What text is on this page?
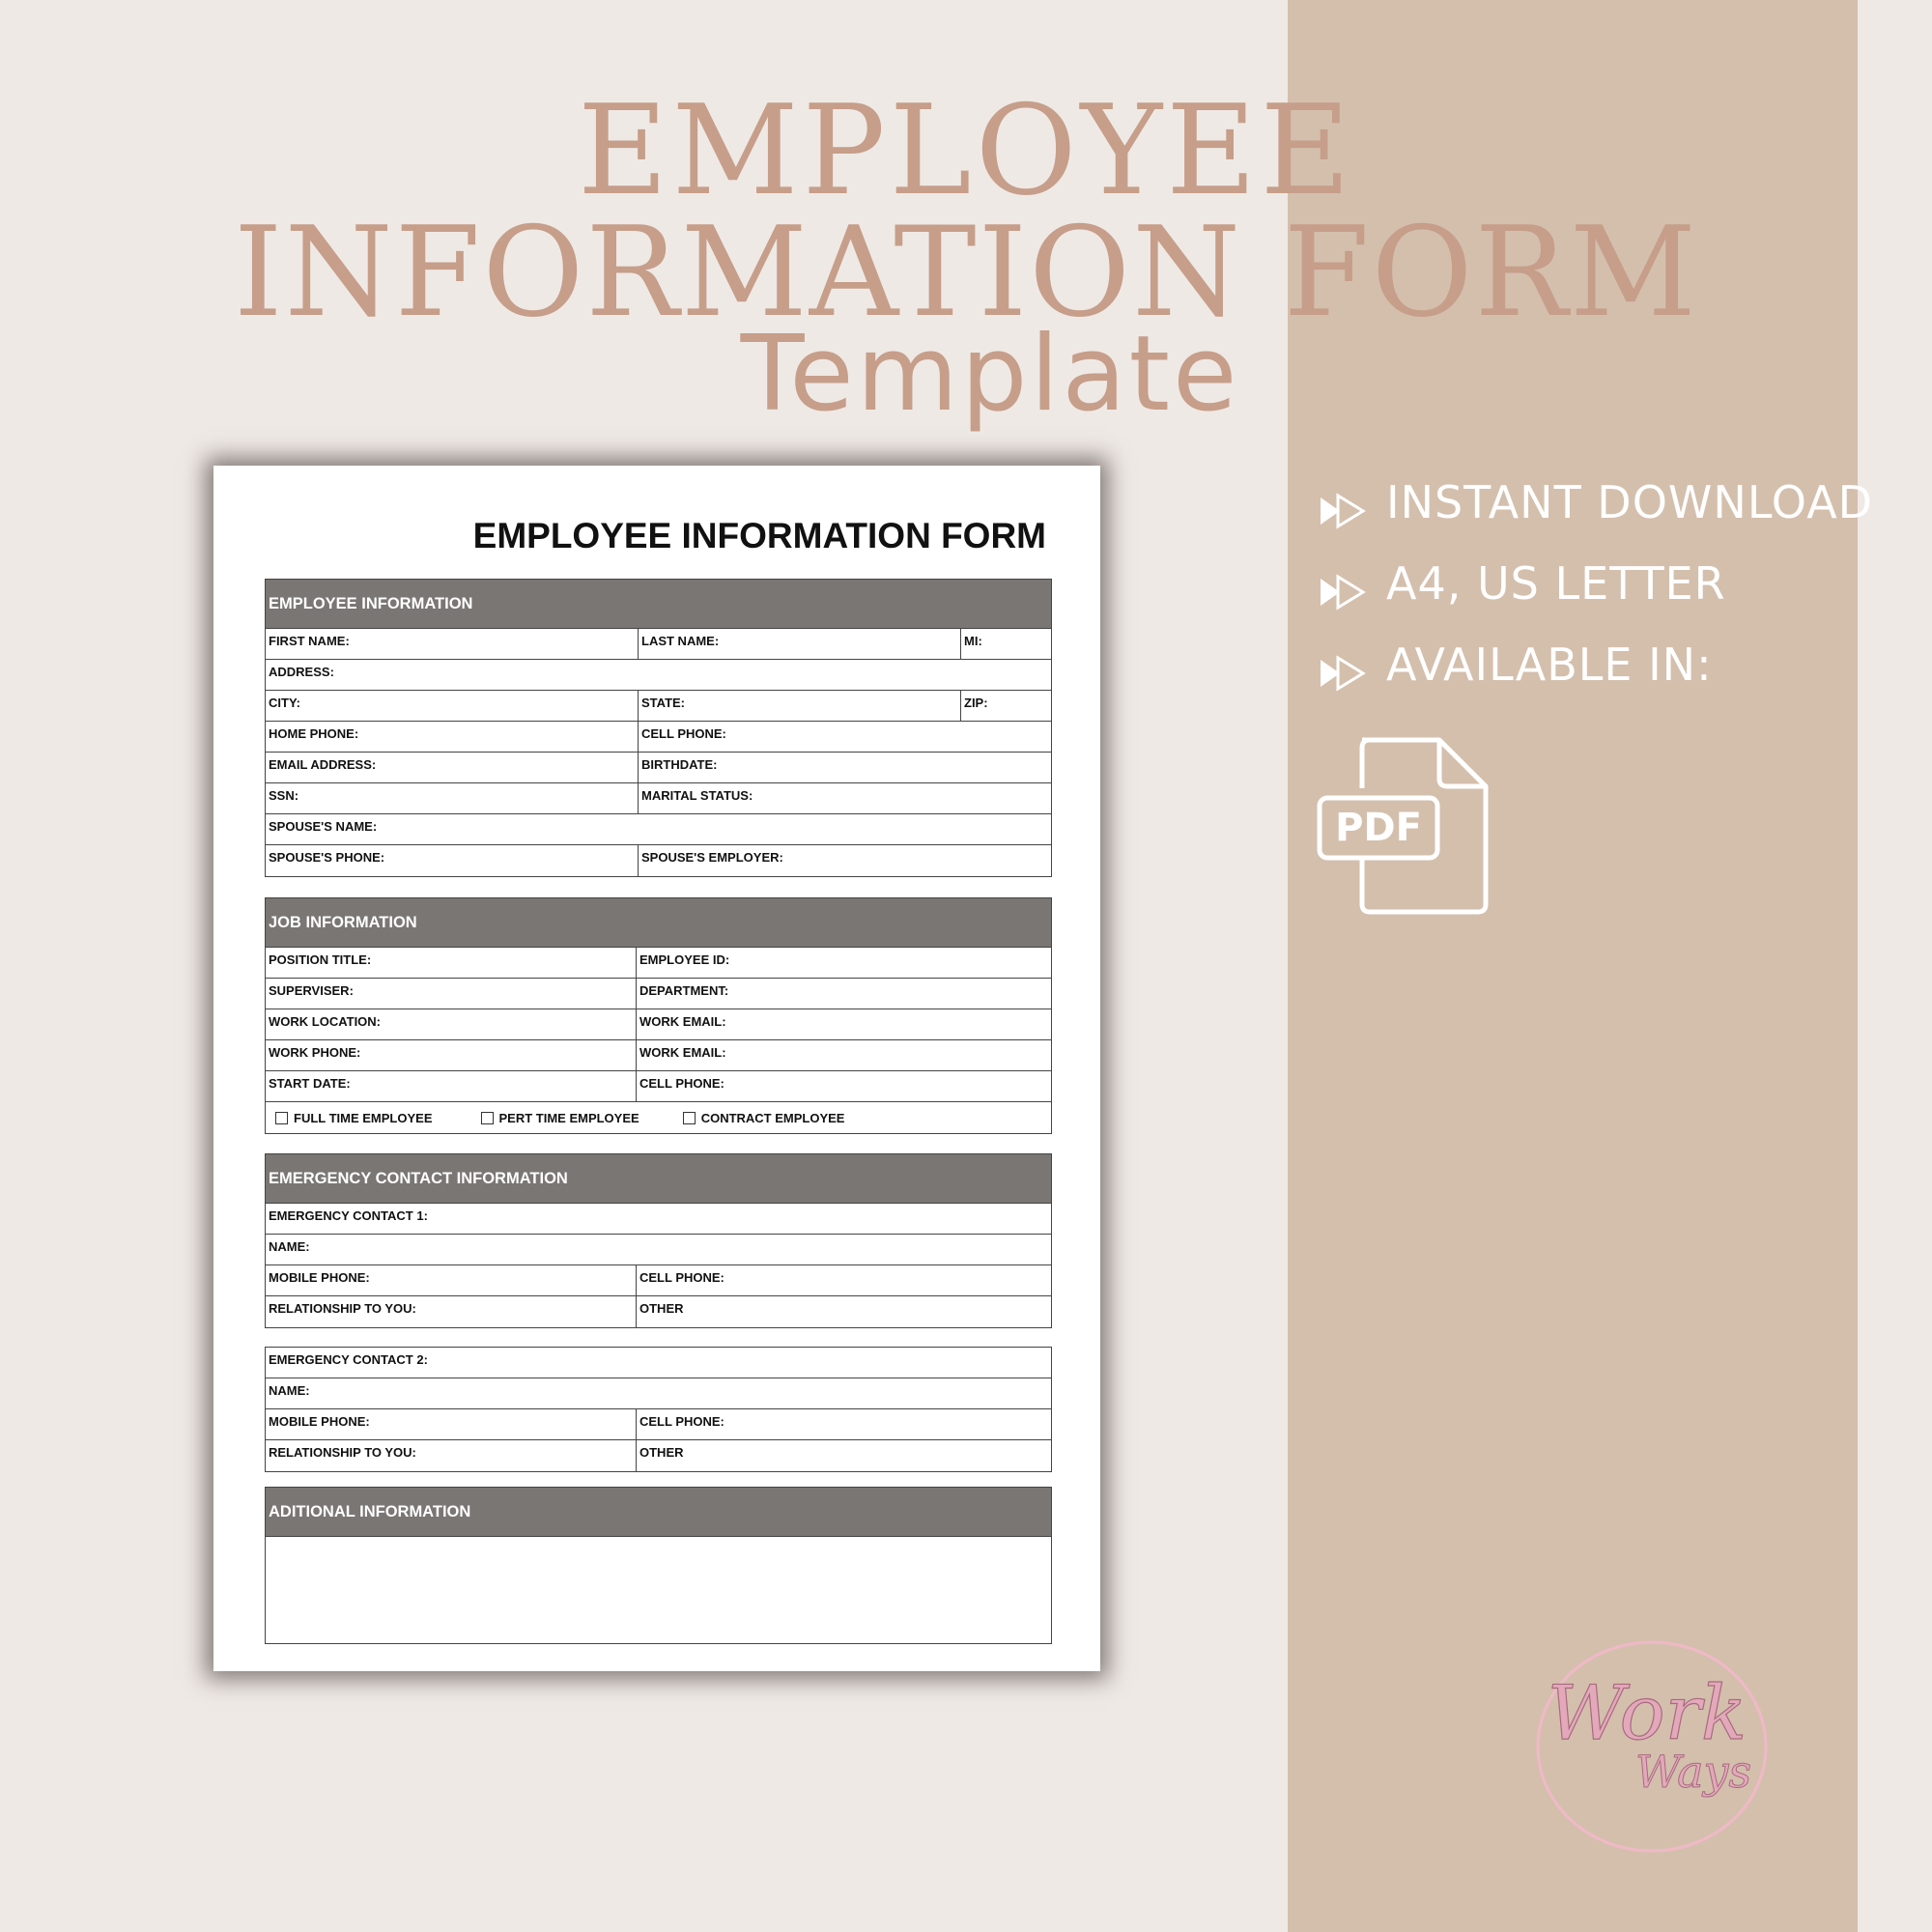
EMPLOYEE
INFORMATION FORM
Template
INSTANT DOWNLOAD
A4, US LETTER
AVAILABLE IN:
PDF
EMPLOYEE INFORMATION FORM
EMPLOYEE INFORMATION
FIRST NAME:	LAST NAME:	MI:
ADDRESS:
CITY:	STATE:	ZIP:
HOME PHONE:	CELL PHONE:
EMAIL ADDRESS:	BIRTHDATE:
SSN:	MARITAL STATUS:
SPOUSE'S NAME:
SPOUSE'S PHONE:	SPOUSE'S EMPLOYER:
JOB INFORMATION
POSITION TITLE:	EMPLOYEE ID:
SUPERVISER:	DEPARTMENT:
WORK LOCATION:	WORK EMAIL:
WORK PHONE:	WORK EMAIL:
START DATE:	CELL PHONE:
FULL TIME EMPLOYEE	PERT TIME EMPLOYEE	CONTRACT EMPLOYEE
EMERGENCY CONTACT INFORMATION
EMERGENCY CONTACT 1:
NAME:
MOBILE PHONE:	CELL PHONE:
RELATIONSHIP TO YOU:	OTHER
EMERGENCY CONTACT 2:
NAME:
MOBILE PHONE:	CELL PHONE:
RELATIONSHIP TO YOU:	OTHER
ADITIONAL INFORMATION
Work
Ways
